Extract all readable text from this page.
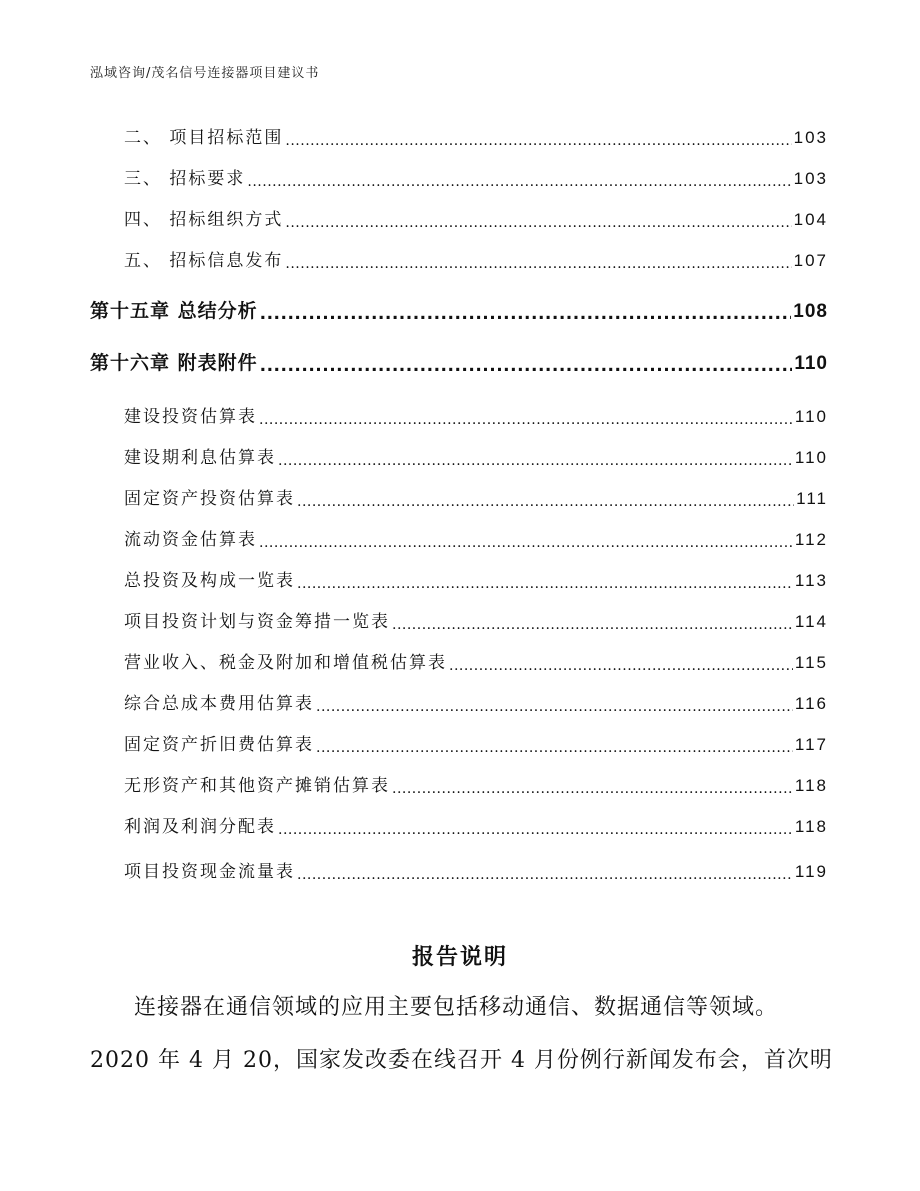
泓域咨询/茂名信号连接器项目建议书
二、 项目招标范围 .....	103
三、 招标要求 .....	103
四、 招标组织方式 .....	104
五、 招标信息发布 .....	107
第十五章 总结分析 .....	108
第十六章 附表附件 .....	110
建设投资估算表 .....	110
建设期利息估算表 .....	110
固定资产投资估算表 .....	111
流动资金估算表 .....	112
总投资及构成一览表 .....	113
项目投资计划与资金筹措一览表 .....	114
营业收入、税金及附加和增值税估算表 .....	115
综合总成本费用估算表 .....	116
固定资产折旧费估算表 .....	117
无形资产和其他资产摊销估算表 .....	118
利润及利润分配表 .....	118
项目投资现金流量表 .....	119
报告说明
连接器在通信领域的应用主要包括移动通信、数据通信等领域。
2020 年 4 月 20，国家发改委在线召开 4 月份例行新闻发布会，首次明
